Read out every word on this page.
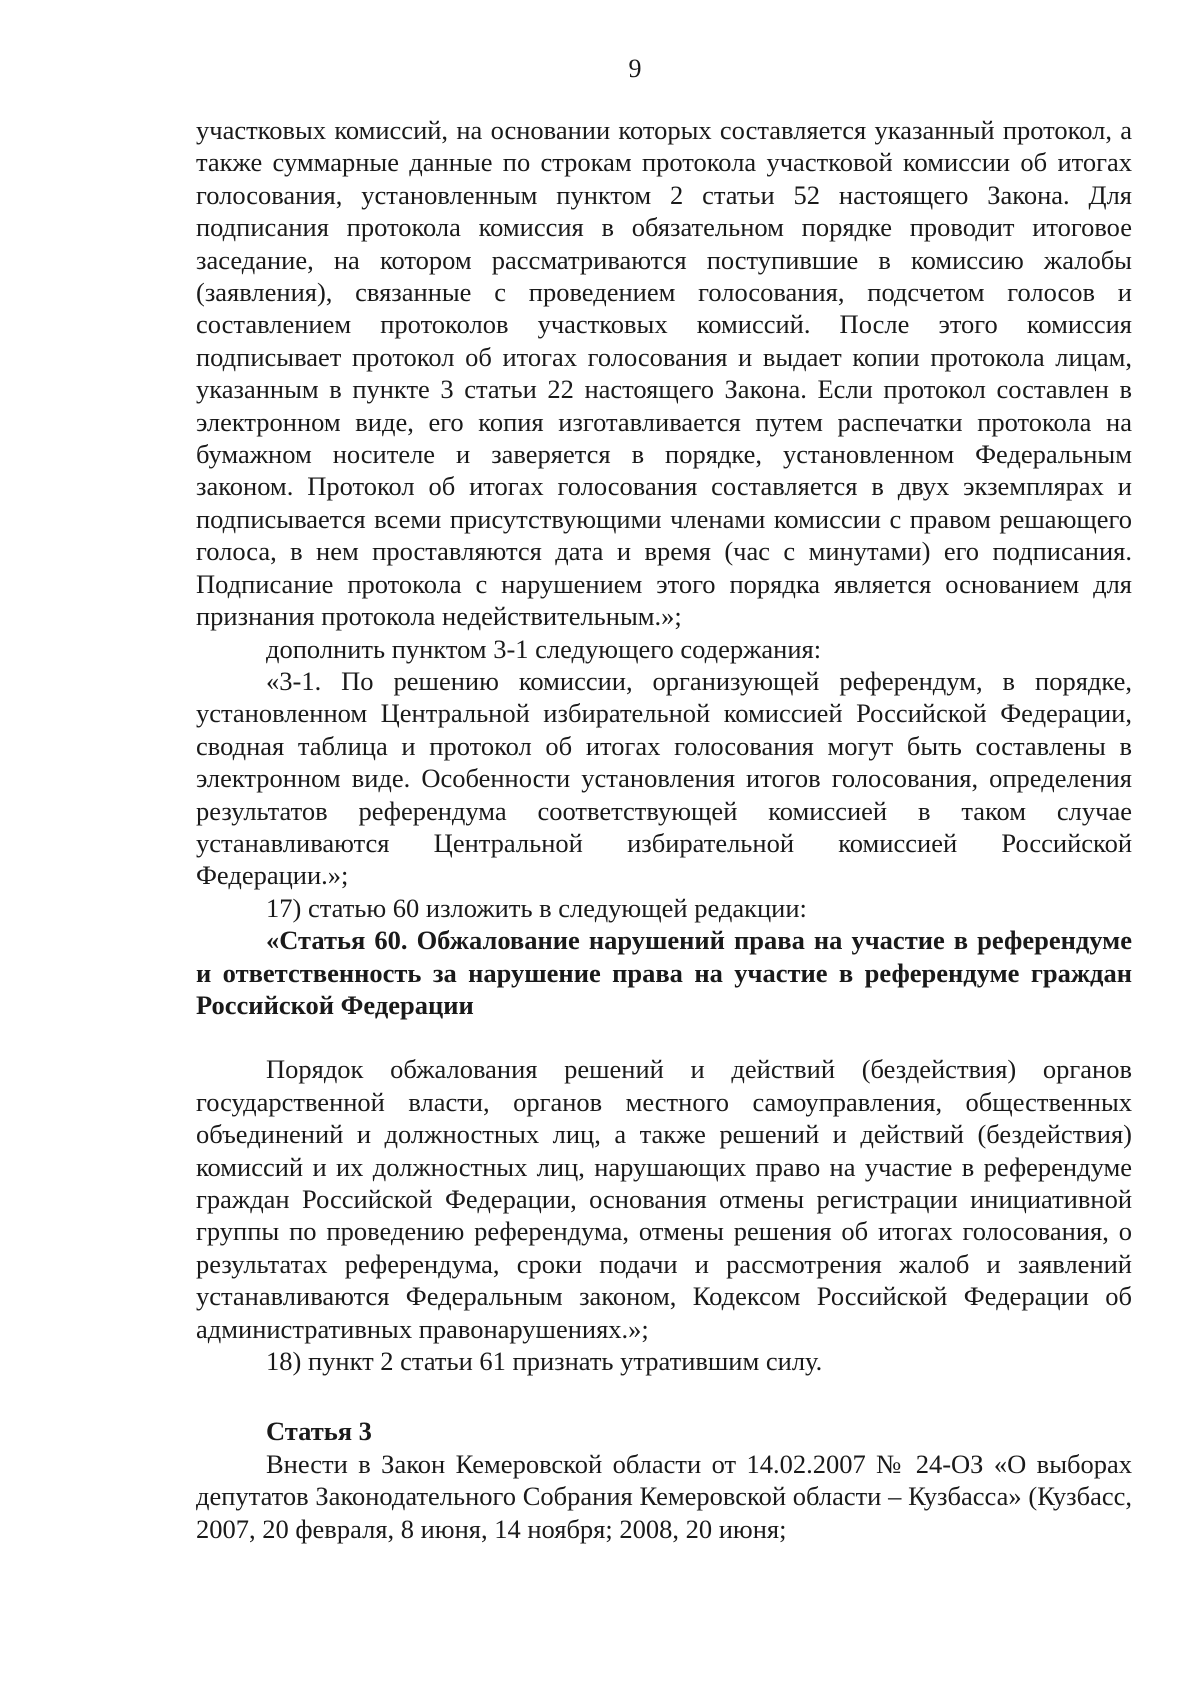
9

участковых комиссий, на основании которых составляется указанный протокол, а также суммарные данные по строкам протокола участковой комиссии об итогах голосования, установленным пунктом 2 статьи 52 настоящего Закона. Для подписания протокола комиссия в обязательном порядке проводит итоговое заседание, на котором рассматриваются поступившие в комиссию жалобы (заявления), связанные с проведением голосования, подсчетом голосов и составлением протоколов участковых комиссий. После этого комиссия подписывает протокол об итогах голосования и выдает копии протокола лицам, указанным в пункте 3 статьи 22 настоящего Закона. Если протокол составлен в электронном виде, его копия изготавливается путем распечатки протокола на бумажном носителе и заверяется в порядке, установленном Федеральным законом. Протокол об итогах голосования составляется в двух экземплярах и подписывается всеми присутствующими членами комиссии с правом решающего голоса, в нем проставляются дата и время (час с минутами) его подписания. Подписание протокола с нарушением этого порядка является основанием для признания протокола недействительным.»;

дополнить пунктом 3-1 следующего содержания:

«3-1. По решению комиссии, организующей референдум, в порядке, установленном Центральной избирательной комиссией Российской Федерации, сводная таблица и протокол об итогах голосования могут быть составлены в электронном виде. Особенности установления итогов голосования, определения результатов референдума соответствующей комиссией в таком случае устанавливаются Центральной избирательной комиссией Российской Федерации.»;

17) статью 60 изложить в следующей редакции:

«Статья 60. Обжалование нарушений права на участие в референдуме и ответственность за нарушение права на участие в референдуме граждан Российской Федерации

Порядок обжалования решений и действий (бездействия) органов государственной власти, органов местного самоуправления, общественных объединений и должностных лиц, а также решений и действий (бездействия) комиссий и их должностных лиц, нарушающих право на участие в референдуме граждан Российской Федерации, основания отмены регистрации инициативной группы по проведению референдума, отмены решения об итогах голосования, о результатах референдума, сроки подачи и рассмотрения жалоб и заявлений устанавливаются Федеральным законом, Кодексом Российской Федерации об административных правонарушениях.»;

18) пункт 2 статьи 61 признать утратившим силу.

Статья 3

Внести в Закон Кемеровской области от 14.02.2007 № 24-ОЗ «О выборах депутатов Законодательного Собрания Кемеровской области – Кузбасса» (Кузбасс, 2007, 20 февраля, 8 июня, 14 ноября; 2008, 20 июня;
